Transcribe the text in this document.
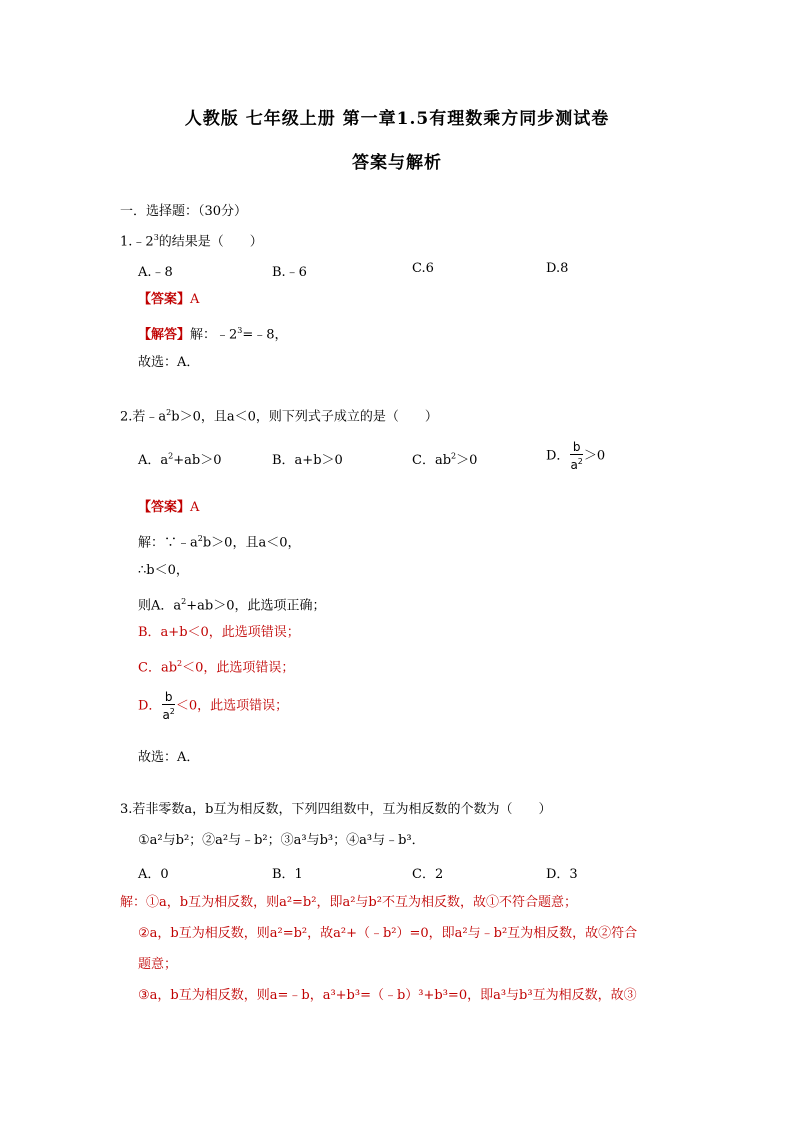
人教版 七年级上册 第一章1.5有理数乘方同步测试卷
答案与解析
一．选择题：（30分）
$1.﹣2^3$的结果是（　　）
A.﹣8	B.﹣6	C.6	D.8
【答案】A
【解答】解：$﹣2^3=﹣8$，
故选：A．
2.若$﹣a^2b>0$，且a＜0，则下列式子成立的是（　　）
A．$a^2+ab>0$	B．a+b＞0	C．$ab^2>0$	D． $\frac{b}{a^2} >0$
【答案】A
解：$\because﹣a^2b>0$，且a＜0，
∴b＜0，
则A．$a^2+ab>0$，此选项正确；
B．a+b＜0，此选项错误；
C．$ab^2<0$，此选项错误；
D． $\frac{b}{a^2} <0$，此选项错误；
故选：A．
3.若非零数a，b互为相反数，下列四组数中，互为相反数的个数为（　　）
①a²与b²；②a²与﹣b²；③a³与b³；④a³与﹣b³．
A．0	B．1	C．2	D．3
解：①a，b互为相反数，则a²=b²，即a²与b²不互为相反数，故①不符合题意；
②a，b互为相反数，则a²=b²，故a²+（﹣b²）=0，即a²与﹣b²互为相反数，故②符合
题意；
③a，b互为相反数，则a=﹣b，a³+b³=（﹣b）³+b³=0，即a³与b³互为相反数，故③
